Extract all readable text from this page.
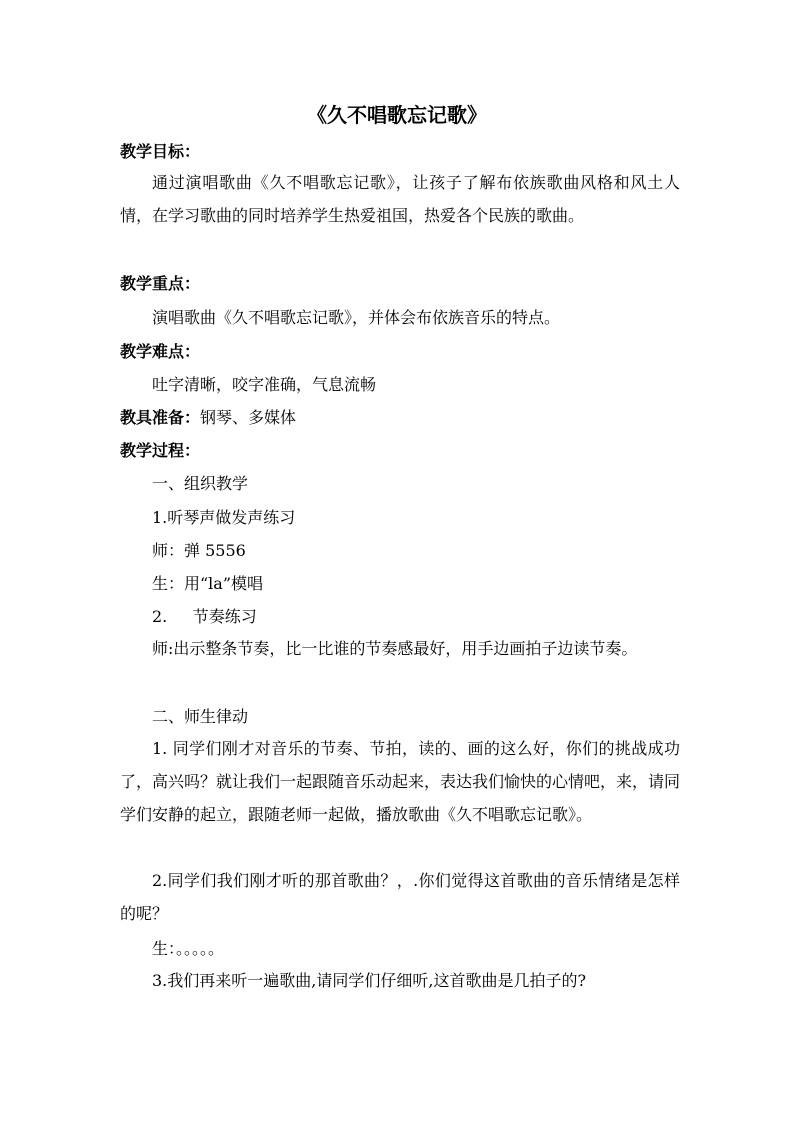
《久不唱歌忘记歌》
教学目标：
通过演唱歌曲《久不唱歌忘记歌》，让孩子了解布依族歌曲风格和风土人情，在学习歌曲的同时培养学生热爱祖国，热爱各个民族的歌曲。
教学重点：
演唱歌曲《久不唱歌忘记歌》，并体会布依族音乐的特点。
教学难点：
吐字清晰，咬字准确，气息流畅
教具准备：钢琴、多媒体
教学过程：
一、组织教学
1.听琴声做发声练习
师：弹 5556
生：用“la”模唱
2.     节奏练习
师:出示整条节奏，比一比谁的节奏感最好，用手边画拍子边读节奏。
二、师生律动
1. 同学们刚才对音乐的节奏、节拍，读的、画的这么好，你们的挑战成功了，高兴吗？就让我们一起跟随音乐动起来，表达我们愉快的心情吧，来，请同学们安静的起立，跟随老师一起做，播放歌曲《久不唱歌忘记歌》。
2.同学们我们刚才听的那首歌曲？，.你们觉得这首歌曲的音乐情绪是怎样的呢？
生：。。。。。
3.我们再来听一遍歌曲,请同学们仔细听,这首歌曲是几拍子的?
